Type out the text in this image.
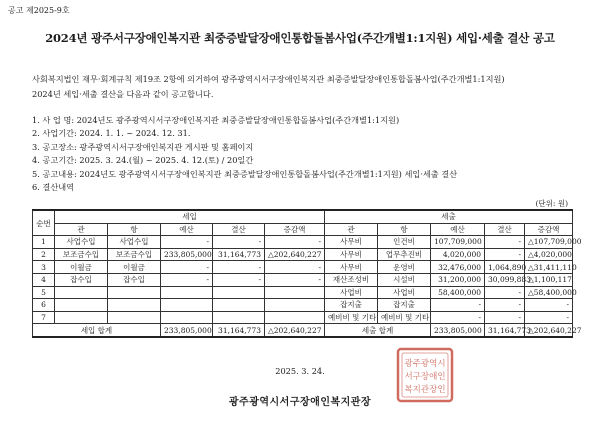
공고 제2025-9호
2024년 광주서구장애인복지관 최중증발달장애인통합돌봄사업(주간개별1:1지원) 세입·세출 결산 공고
사회복지법인 재무·회계규칙 제19조 2항에 의거하여 광주광역시서구장애인복지관 최중증발달장애인통합돌봄사업(주간개별1:1지원)
2024년 세입·세출 결산을 다음과 같이 공고합니다.
1. 사 업 명: 2024년도 광주광역시서구장애인복지관 최중증발달장애인통합돌봄사업(주간개별1:1지원)
2. 사업기간: 2024. 1. 1. ~ 2024. 12. 31.
3. 공고장소: 광주광역시서구장애인복지관 게시판 및 홈페이지
4. 공고기간: 2025. 3. 24.(월) ~ 2025. 4. 12.(토) / 20일간
5. 공고내용: 2024년도 광주광역시서구장애인복지관 최중증발달장애인통합돌봄사업(주간개별1:1지원) 세입·세출 결산
6. 결산내역
(단위: 원)
순번	세입					세출				
	관	항	예산	결산	증감액	관	항	예산	결산	증감액
1	사업수입	사업수입	-	-	-	사무비	인건비	107,709,000	-	△107,709,000
2	보조금수입	보조금수입	233,805,000	31,164,773	△202,640,227	사무비	업무추진비	4,020,000	-	△4,020,000
3	이월금	이월금	-	-	-	사무비	운영비	32,476,000	1,064,890	△31,411,110
4	잡수입	잡수입	-	-	-	재산조성비	시설비	31,200,000	30,099,883	△1,100,117
5						사업비	사업비	58,400,000	-	△58,400,000
6						잡지출	잡지출	-	-	-
7						예비비 및 기타	예비비 및 기타	-	-	-
세입 합계			233,805,000	31,164,773	△202,640,227	세출 합계		233,805,000	31,164,773	△202,640,227
2025. 3. 24.
광주광역시서구장애인복지관장
광주광역시
서구장애인
복지관장인
